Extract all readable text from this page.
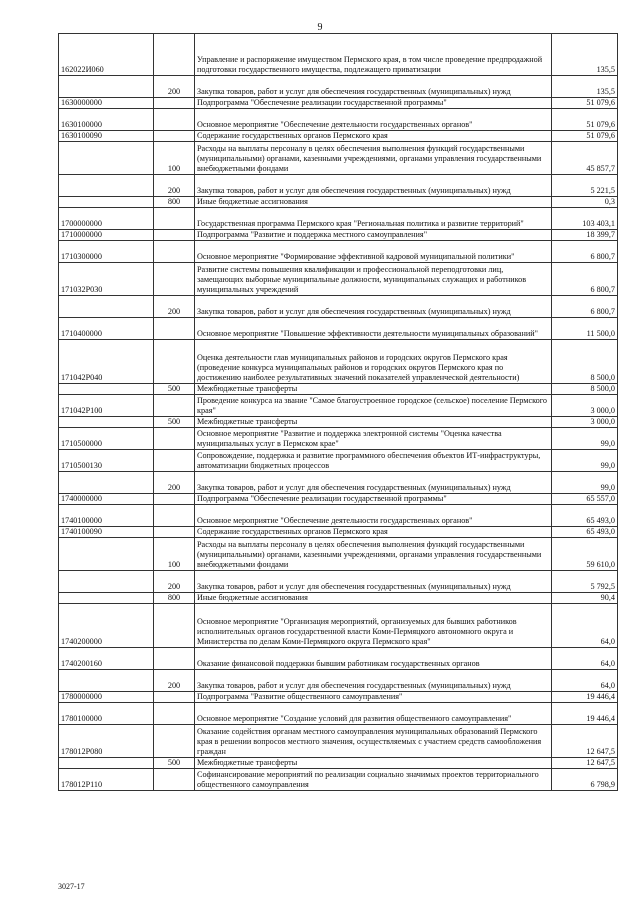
9
162022И060		Управление и распоряжение имуществом Пермского края, в том числе проведение предпродажной подготовки государственного имущества, подлежащего приватизации	135,5
	200	Закупка товаров, работ и услуг для обеспечения государственных (муниципальных) нужд	135,5
1630000000		Подпрограмма "Обеспечение реализации государственной программы"	51 079,6
1630100000		Основное мероприятие "Обеспечение деятельности государственных органов"	51 079,6
1630100090		Содержание государственных органов Пермского края	51 079,6
	100	Расходы на выплаты персоналу в целях обеспечения выполнения функций государственными (муниципальными) органами, казенными учреждениями, органами управления государственными внебюджетными фондами	45 857,7
	200	Закупка товаров, работ и услуг для обеспечения государственных (муниципальных) нужд	5 221,5
	800	Иные бюджетные ассигнования	0,3
1700000000		Государственная программа Пермского края "Региональная политика и развитие территорий"	103 403,1
1710000000		Подпрограмма "Развитие и поддержка местного самоуправления"	18 399,7
1710300000		Основное мероприятие "Формирование эффективной кадровой муниципальной политики"	6 800,7
171032Р030		Развитие системы повышения квалификации и профессиональной переподготовки лиц, замещающих выборные муниципальные должности, муниципальных служащих и работников муниципальных учреждений	6 800,7
	200	Закупка товаров, работ и услуг для обеспечения государственных (муниципальных) нужд	6 800,7
1710400000		Основное мероприятие "Повышение эффективности деятельности муниципальных образований"	11 500,0
171042Р040		Оценка деятельности глав муниципальных районов и городских округов Пермского края (проведение конкурса муниципальных районов и городских округов Пермского края по достижению наиболее результативных значений показателей управленческой деятельности)	8 500,0
	500	Межбюджетные трансферты	8 500,0
171042Р100		Проведение конкурса на звание "Самое благоустроенное городское (сельское) поселение Пермского края"	3 000,0
	500	Межбюджетные трансферты	3 000,0
1710500000		Основное мероприятие "Развитие и поддержка электронной системы "Оценка качества муниципальных услуг в Пермском крае"	99,0
1710500130		Сопровождение, поддержка и развитие программного обеспечения объектов ИТ-инфраструктуры, автоматизации бюджетных процессов	99,0
	200	Закупка товаров, работ и услуг для обеспечения государственных (муниципальных) нужд	99,0
1740000000		Подпрограмма "Обеспечение реализации государственной программы"	65 557,0
1740100000		Основное мероприятие "Обеспечение деятельности государственных органов"	65 493,0
1740100090		Содержание государственных органов Пермского края	65 493,0
	100	Расходы на выплаты персоналу в целях обеспечения выполнения функций государственными (муниципальными) органами, казенными учреждениями, органами управления государственными внебюджетными фондами	59 610,0
	200	Закупка товаров, работ и услуг для обеспечения государственных (муниципальных) нужд	5 792,5
	800	Иные бюджетные ассигнования	90,4
1740200000		Основное мероприятие "Организация мероприятий, организуемых для бывших работников исполнительных органов государственной власти Коми-Пермяцкого автономного округа и Министерства по делам Коми-Пермяцкого округа Пермского края"	64,0
1740200160		Оказание финансовой поддержки бывшим работникам государственных органов	64,0
	200	Закупка товаров, работ и услуг для обеспечения государственных (муниципальных) нужд	64,0
1780000000		Подпрограмма "Развитие общественного самоуправления"	19 446,4
1780100000		Основное мероприятие "Создание условий для развития общественного самоуправления"	19 446,4
178012Р080		Оказание содействия органам местного самоуправления муниципальных образований Пермского края в решении вопросов местного значения, осуществляемых с участием средств самообложения граждан	12 647,5
	500	Межбюджетные трансферты	12 647,5
178012Р110		Софинансирование мероприятий по реализации социально значимых проектов территориального общественного самоуправления	6 798,9
3027-17
